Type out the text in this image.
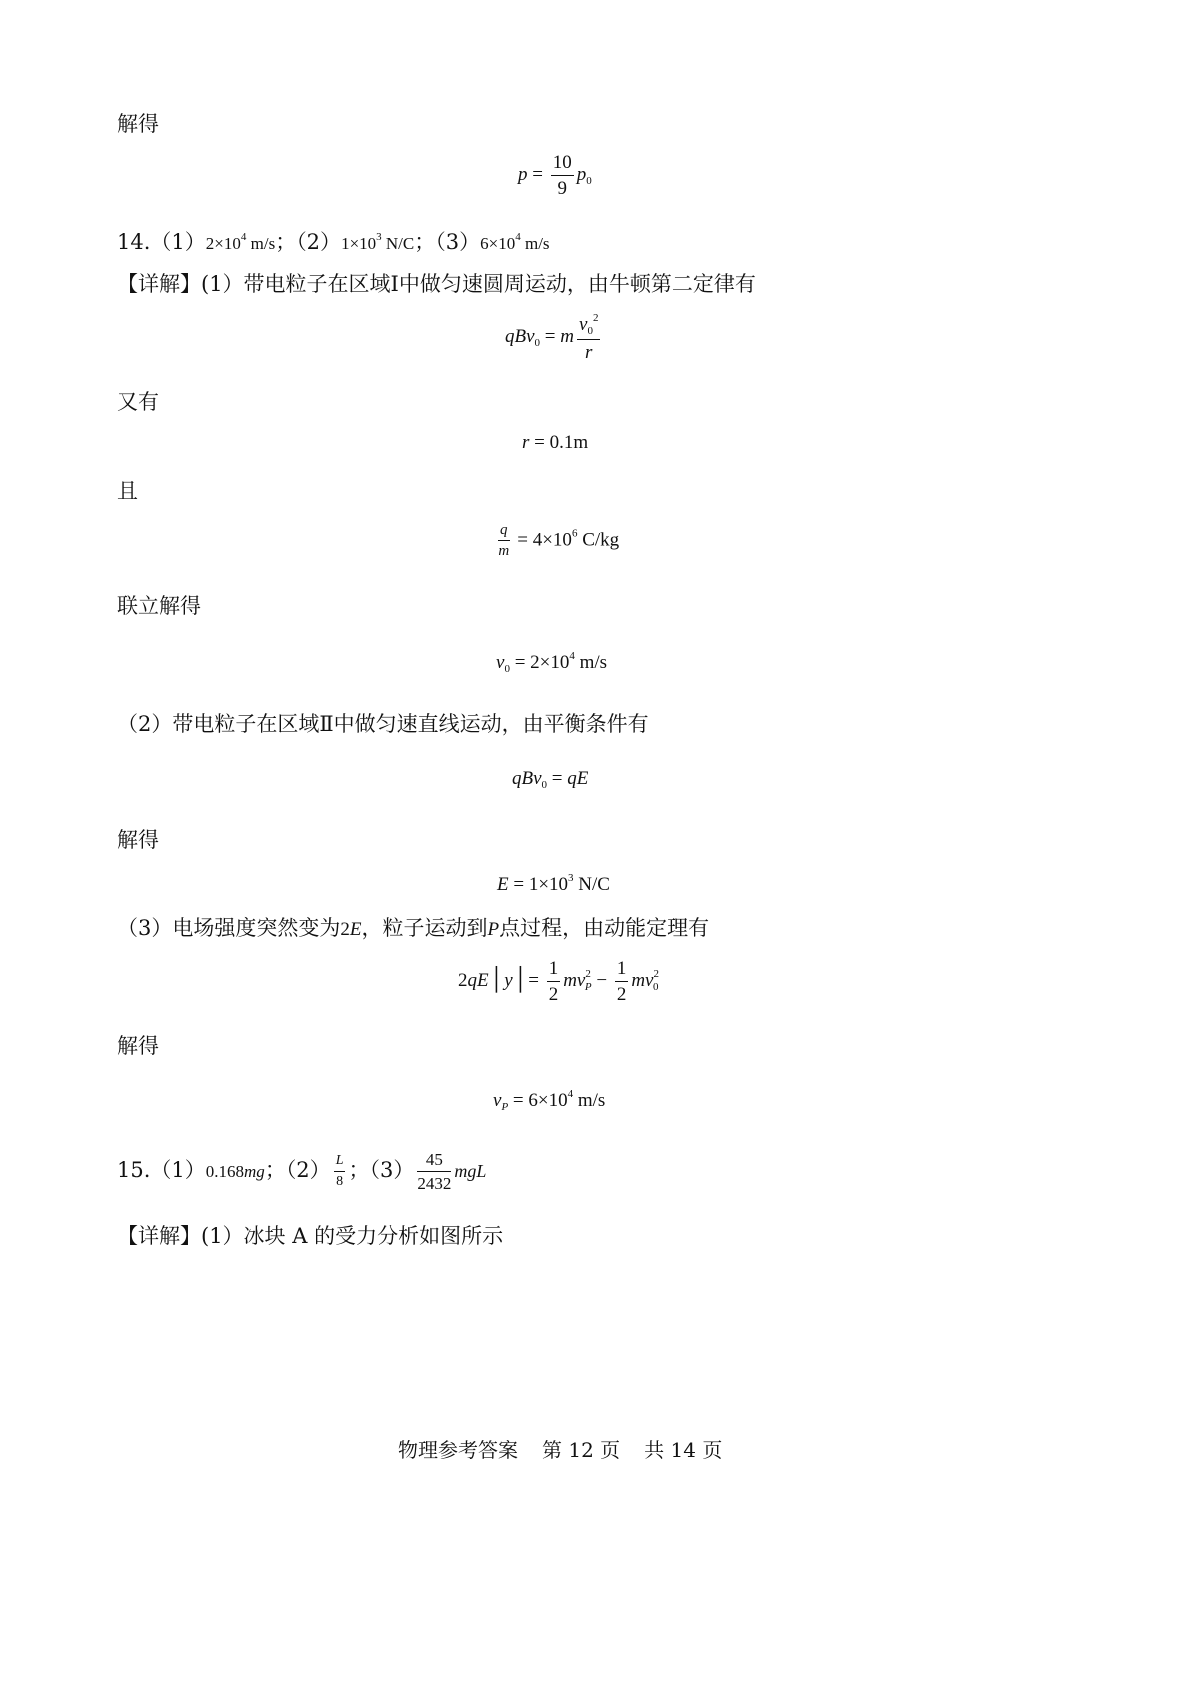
解得
$p = \frac{10}{9} p_0$
$14.(1)2\times 10^4$ m/s；$(2)1\times 10^3$ N/C；$(3)6\times 10^4$ m/s
【详解】(1）带电粒子在区域Ⅰ中做匀速圆周运动，由牛顿第二定律有
qBv$_0$ = m $\frac{v_0^2}{r}$
又有
r = 0.1m
且
$\frac{q}{m} = 4\times 10^6$ C/kg
联立解得
$v_0 = 2\times 10^4$ m/s
（2）带电粒子在区域Ⅱ中做匀速直线运动，由平衡条件有
qBv$_0$ = qE
解得
$E = 1\times 10^3$ N/C
（3）电场强度突然变为2E，粒子运动到P点过程，由动能定理有
2qE│y│= $\frac{1}{2} mv^2_P - \frac{1}{2} mv^2_0$
解得
$v_P = 6\times 10^4$ m/s
15.（1）0.168mg；$(2) \frac{L}{8}$ ；$(3) \frac{45}{2432}$ mgL
【详解】(1）冰块 A 的受力分析如图所示
物理参考答案 第 12 页 共 14 页
